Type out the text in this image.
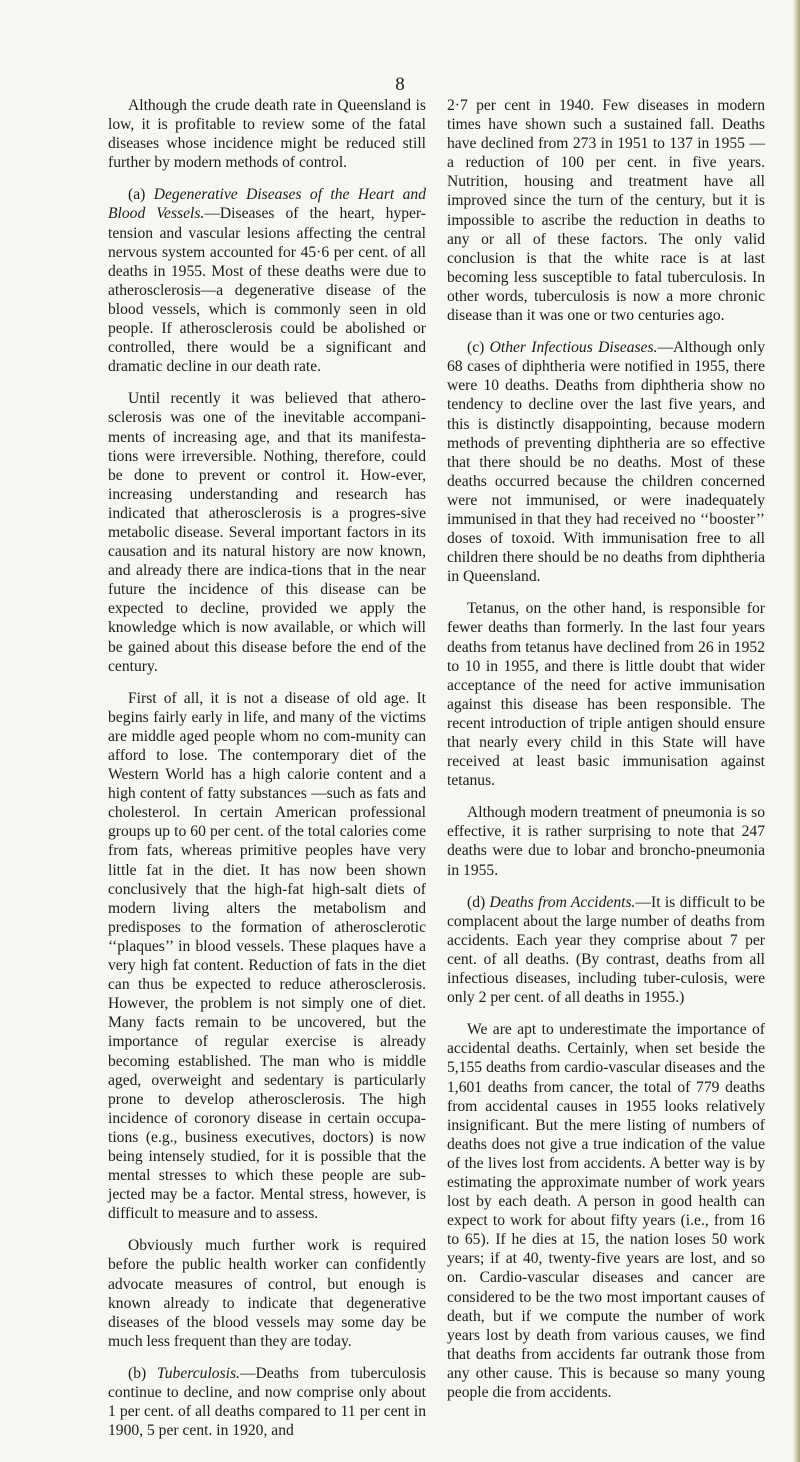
8

Although the crude death rate in Queensland is low, it is profitable to review some of the fatal diseases whose incidence might be reduced still further by modern methods of control.

(a) Degenerative Diseases of the Heart and Blood Vessels.—Diseases of the heart, hyper-tension and vascular lesions affecting the central nervous system accounted for 45·6 per cent. of all deaths in 1955. Most of these deaths were due to atherosclerosis—a degenerative disease of the blood vessels, which is commonly seen in old people. If atherosclerosis could be abolished or controlled, there would be a significant and dramatic decline in our death rate.

Until recently it was believed that athero-sclerosis was one of the inevitable accompani-ments of increasing age, and that its manifesta-tions were irreversible. Nothing, therefore, could be done to prevent or control it. How-ever, increasing understanding and research has indicated that atherosclerosis is a progres-sive metabolic disease. Several important factors in its causation and its natural history are now known, and already there are indica-tions that in the near future the incidence of this disease can be expected to decline, provided we apply the knowledge which is now available, or which will be gained about this disease before the end of the century.

First of all, it is not a disease of old age. It begins fairly early in life, and many of the victims are middle aged people whom no com-munity can afford to lose. The contemporary diet of the Western World has a high calorie content and a high content of fatty substances —such as fats and cholesterol. In certain American professional groups up to 60 per cent. of the total calories come from fats, whereas primitive peoples have very little fat in the diet. It has now been shown conclusively that the high-fat high-salt diets of modern living alters the metabolism and predisposes to the formation of atherosclerotic ‘‘plaques’’ in blood vessels. These plaques have a very high fat content. Reduction of fats in the diet can thus be expected to reduce atherosclerosis. However, the problem is not simply one of diet. Many facts remain to be uncovered, but the importance of regular exercise is already becoming established. The man who is middle aged, overweight and sedentary is particularly prone to develop atherosclerosis. The high incidence of coronory disease in certain occupa-tions (e.g., business executives, doctors) is now being intensely studied, for it is possible that the mental stresses to which these people are sub-jected may be a factor. Mental stress, however, is difficult to measure and to assess.

Obviously much further work is required before the public health worker can confidently advocate measures of control, but enough is known already to indicate that degenerative diseases of the blood vessels may some day be much less frequent than they are today.

(b) Tuberculosis.—Deaths from tuberculosis continue to decline, and now comprise only about 1 per cent. of all deaths compared to 11 per cent in 1900, 5 per cent. in 1920, and

2·7 per cent in 1940. Few diseases in modern times have shown such a sustained fall. Deaths have declined from 273 in 1951 to 137 in 1955 —a reduction of 100 per cent. in five years. Nutrition, housing and treatment have all improved since the turn of the century, but it is impossible to ascribe the reduction in deaths to any or all of these factors. The only valid conclusion is that the white race is at last becoming less susceptible to fatal tuberculosis. In other words, tuberculosis is now a more chronic disease than it was one or two centuries ago.

(c) Other Infectious Diseases.—Although only 68 cases of diphtheria were notified in 1955, there were 10 deaths. Deaths from diphtheria show no tendency to decline over the last five years, and this is distinctly disappointing, because modern methods of preventing diphtheria are so effective that there should be no deaths. Most of these deaths occurred because the children concerned were not immunised, or were inadequately immunised in that they had received no ‘‘booster’’ doses of toxoid. With immunisation free to all children there should be no deaths from diphtheria in Queensland.

Tetanus, on the other hand, is responsible for fewer deaths than formerly. In the last four years deaths from tetanus have declined from 26 in 1952 to 10 in 1955, and there is little doubt that wider acceptance of the need for active immunisation against this disease has been responsible. The recent introduction of triple antigen should ensure that nearly every child in this State will have received at least basic immunisation against tetanus.

Although modern treatment of pneumonia is so effective, it is rather surprising to note that 247 deaths were due to lobar and broncho-pneumonia in 1955.

(d) Deaths from Accidents.—It is difficult to be complacent about the large number of deaths from accidents. Each year they comprise about 7 per cent. of all deaths. (By contrast, deaths from all infectious diseases, including tuber-culosis, were only 2 per cent. of all deaths in 1955.)

We are apt to underestimate the importance of accidental deaths. Certainly, when set beside the 5,155 deaths from cardio-vascular diseases and the 1,601 deaths from cancer, the total of 779 deaths from accidental causes in 1955 looks relatively insignificant. But the mere listing of numbers of deaths does not give a true indication of the value of the lives lost from accidents. A better way is by estimating the approximate number of work years lost by each death. A person in good health can expect to work for about fifty years (i.e., from 16 to 65). If he dies at 15, the nation loses 50 work years; if at 40, twenty-five years are lost, and so on. Cardio-vascular diseases and cancer are considered to be the two most important causes of death, but if we compute the number of work years lost by death from various causes, we find that deaths from accidents far outrank those from any other cause. This is because so many young people die from accidents.
